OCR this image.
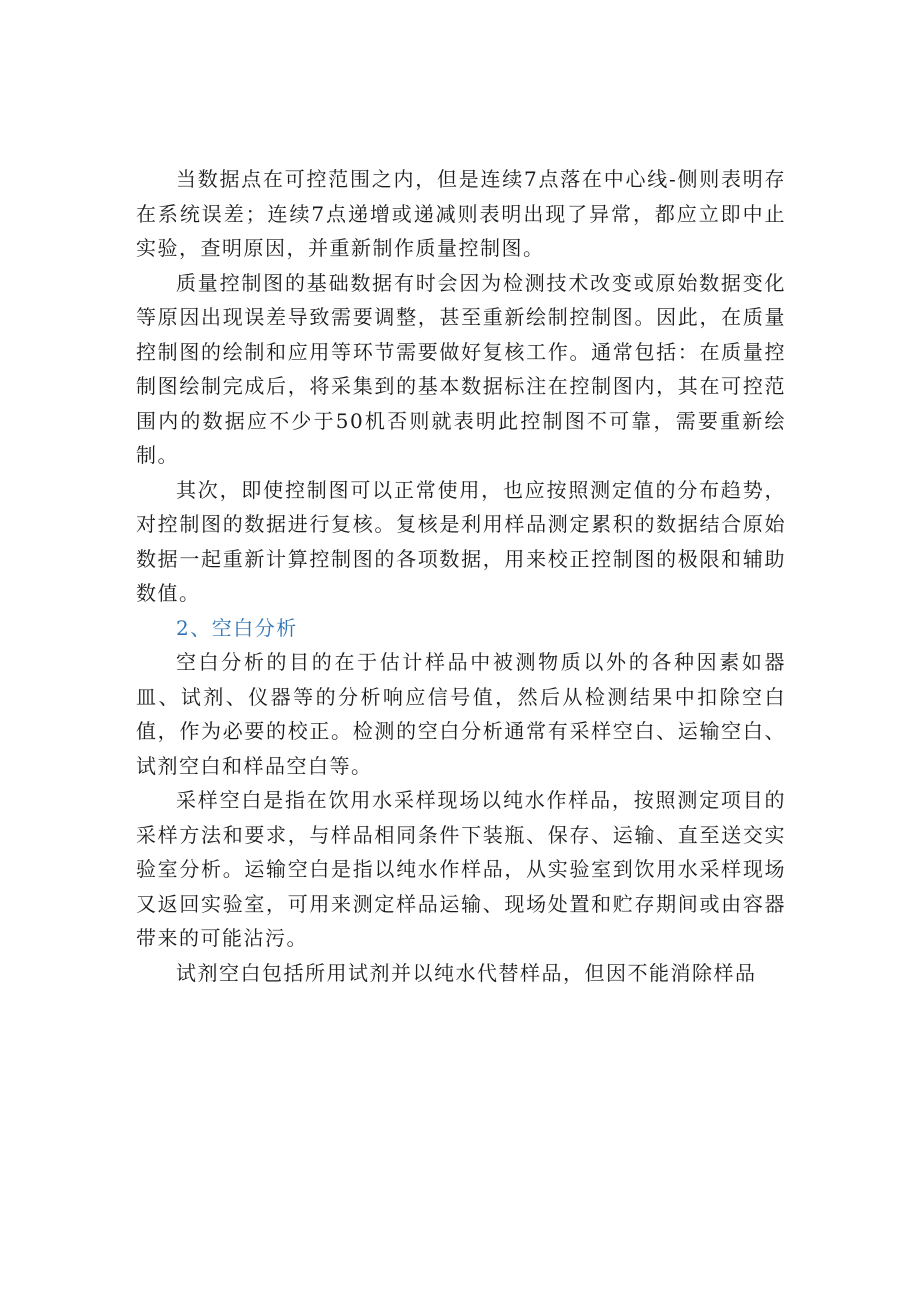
当数据点在可控范围之内，但是连续7点落在中心线-侧则表明存在系统误差；连续7点递增或递减则表明出现了异常，都应立即中止实验，查明原因，并重新制作质量控制图。

质量控制图的基础数据有时会因为检测技术改变或原始数据变化等原因出现误差导致需要调整，甚至重新绘制控制图。因此，在质量控制图的绘制和应用等环节需要做好复核工作。通常包括：在质量控制图绘制完成后，将采集到的基本数据标注在控制图内，其在可控范围内的数据应不少于50机否则就表明此控制图不可靠，需要重新绘制。

其次，即使控制图可以正常使用，也应按照测定值的分布趋势，对控制图的数据进行复核。复核是利用样品测定累积的数据结合原始数据一起重新计算控制图的各项数据，用来校正控制图的极限和辅助数值。

2、空白分析

空白分析的目的在于估计样品中被测物质以外的各种因素如器皿、试剂、仪器等的分析响应信号值，然后从检测结果中扣除空白值，作为必要的校正。检测的空白分析通常有采样空白、运输空白、试剂空白和样品空白等。

采样空白是指在饮用水采样现场以纯水作样品，按照测定项目的采样方法和要求，与样品相同条件下装瓶、保存、运输、直至送交实验室分析。运输空白是指以纯水作样品，从实验室到饮用水采样现场又返回实验室，可用来测定样品运输、现场处置和贮存期间或由容器带来的可能沾污。

试剂空白包括所用试剂并以纯水代替样品，但因不能消除样品
